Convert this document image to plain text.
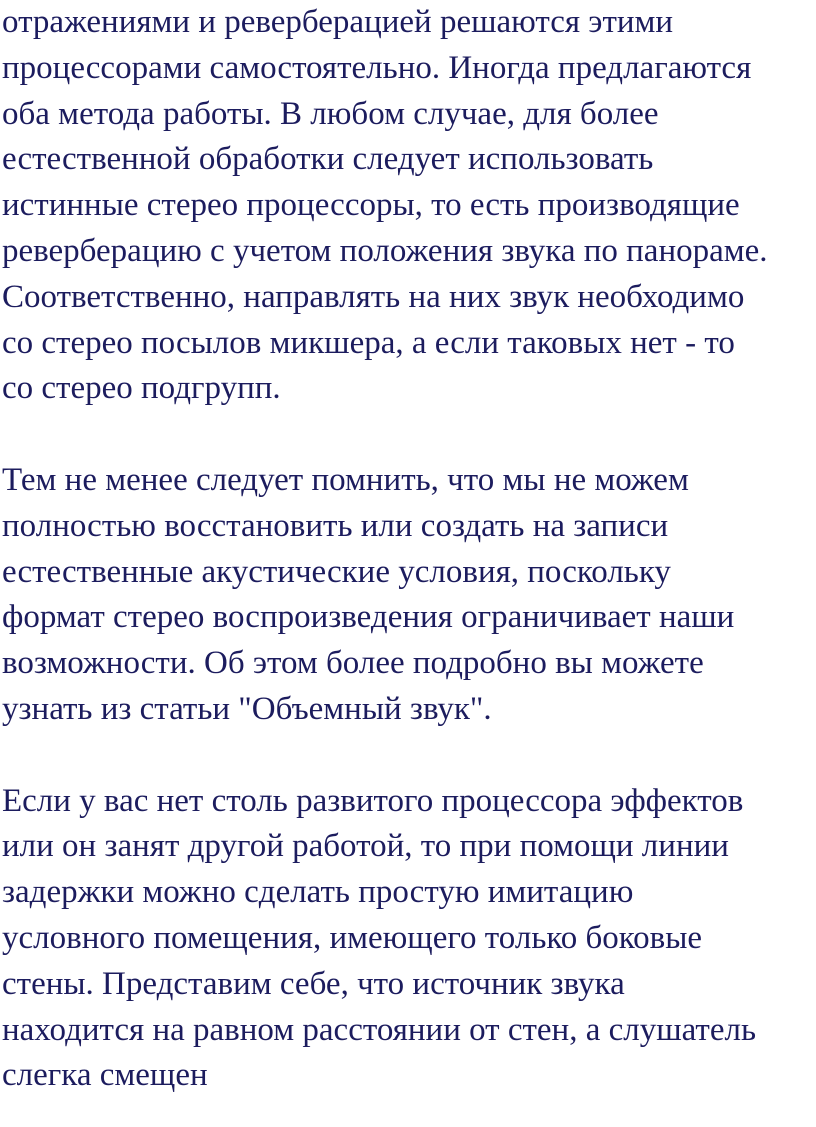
отражениями и реверберацией решаются этими
процессорами самостоятельно. Иногда предлагаются
оба метода работы. В любом случае, для более
естественной обработки следует использовать
истинные стерео процессоры, то есть производящие
реверберацию с учетом положения звука по панораме.
Соответственно, направлять на них звук необходимо
со стерео посылов микшера, а если таковых нет - то
со стерео подгрупп.

Тем не менее следует помнить, что мы не можем
полностью восстановить или создать на записи
естественные акустические условия, поскольку
формат стерео воспроизведения ограничивает наши
возможности. Об этом более подробно вы можете
узнать из статьи "Объемный звук".

Если у вас нет столь развитого процессора эффектов
или он занят другой работой, то при помощи линии
задержки можно сделать простую имитацию
условного помещения, имеющего только боковые
стены. Представим себе, что источник звука
находится на равном расстоянии от стен, а слушатель
слегка смещен
